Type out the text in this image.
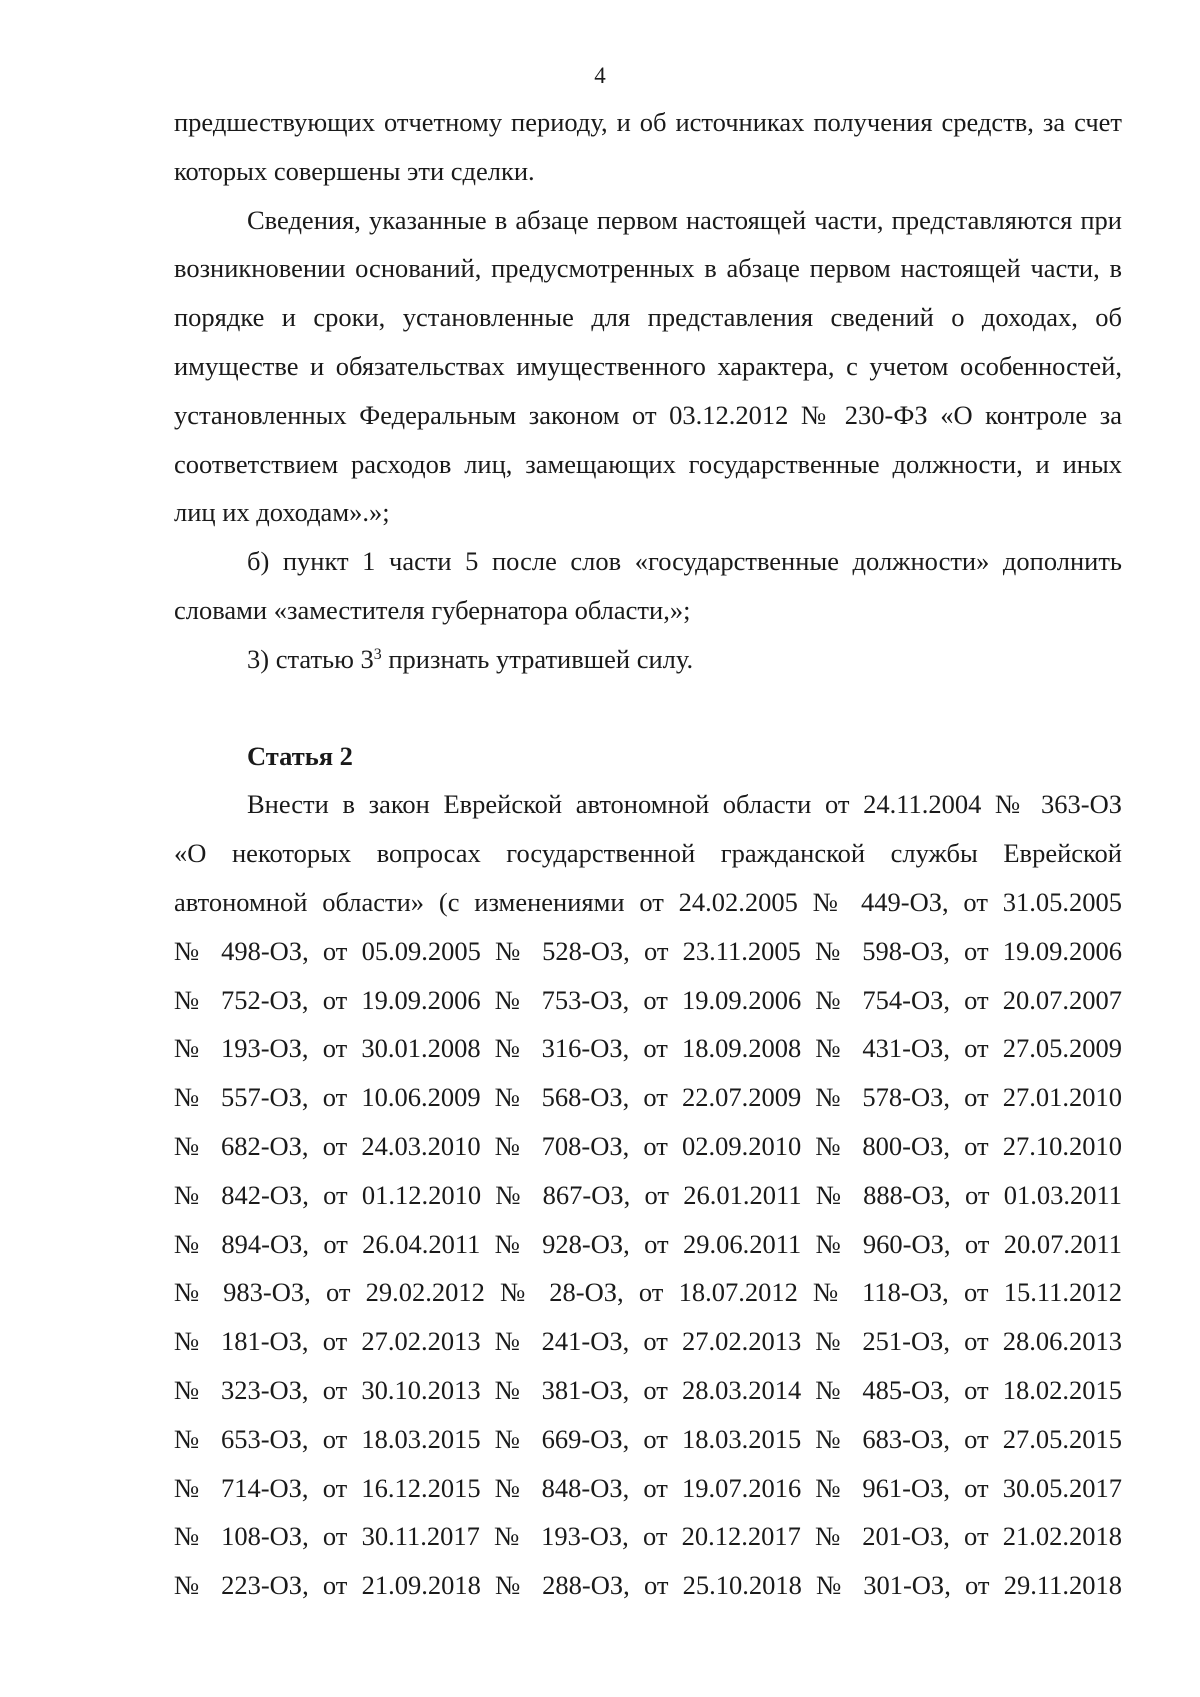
4

предшествующих отчетному периоду, и об источниках получения средств, за счет которых совершены эти сделки.

Сведения, указанные в абзаце первом настоящей части, представляются при возникновении оснований, предусмотренных в абзаце первом настоящей части, в порядке и сроки, установленные для представления сведений о доходах, об имуществе и обязательствах имущественного характера, с учетом особенностей, установленных Федеральным законом от 03.12.2012 № 230-ФЗ «О контроле за соответствием расходов лиц, замещающих государственные должности, и иных лиц их доходам».»;

б) пункт 1 части 5 после слов «государственные должности» дополнить словами «заместителя губернатора области,»;

3) статью $3^3$ признать утратившей силу.

Статья 2

Внести в закон Еврейской автономной области от 24.11.2004 № 363-ОЗ
«О некоторых вопросах государственной гражданской службы Еврейской
автономной области» (с изменениями от 24.02.2005 № 449-ОЗ, от 31.05.2005
№ 498-ОЗ, от 05.09.2005 № 528-ОЗ, от 23.11.2005 № 598-ОЗ, от 19.09.2006
№ 752-ОЗ, от 19.09.2006 № 753-ОЗ, от 19.09.2006 № 754-ОЗ, от 20.07.2007
№ 193-ОЗ, от 30.01.2008 № 316-ОЗ, от 18.09.2008 № 431-ОЗ, от 27.05.2009
№ 557-ОЗ, от 10.06.2009 № 568-ОЗ, от 22.07.2009 № 578-ОЗ, от 27.01.2010
№ 682-ОЗ, от 24.03.2010 № 708-ОЗ, от 02.09.2010 № 800-ОЗ, от 27.10.2010
№ 842-ОЗ, от 01.12.2010 № 867-ОЗ, от 26.01.2011 № 888-ОЗ, от 01.03.2011
№ 894-ОЗ, от 26.04.2011 № 928-ОЗ, от 29.06.2011 № 960-ОЗ, от 20.07.2011
№ 983-ОЗ, от 29.02.2012 № 28-ОЗ, от 18.07.2012 № 118-ОЗ, от 15.11.2012
№ 181-ОЗ, от 27.02.2013 № 241-ОЗ, от 27.02.2013 № 251-ОЗ, от 28.06.2013
№ 323-ОЗ, от 30.10.2013 № 381-ОЗ, от 28.03.2014 № 485-ОЗ, от 18.02.2015
№ 653-ОЗ, от 18.03.2015 № 669-ОЗ, от 18.03.2015 № 683-ОЗ, от 27.05.2015
№ 714-ОЗ, от 16.12.2015 № 848-ОЗ, от 19.07.2016 № 961-ОЗ, от 30.05.2017
№ 108-ОЗ, от 30.11.2017 № 193-ОЗ, от 20.12.2017 № 201-ОЗ, от 21.02.2018
№ 223-ОЗ, от 21.09.2018 № 288-ОЗ, от 25.10.2018 № 301-ОЗ, от 29.11.2018
